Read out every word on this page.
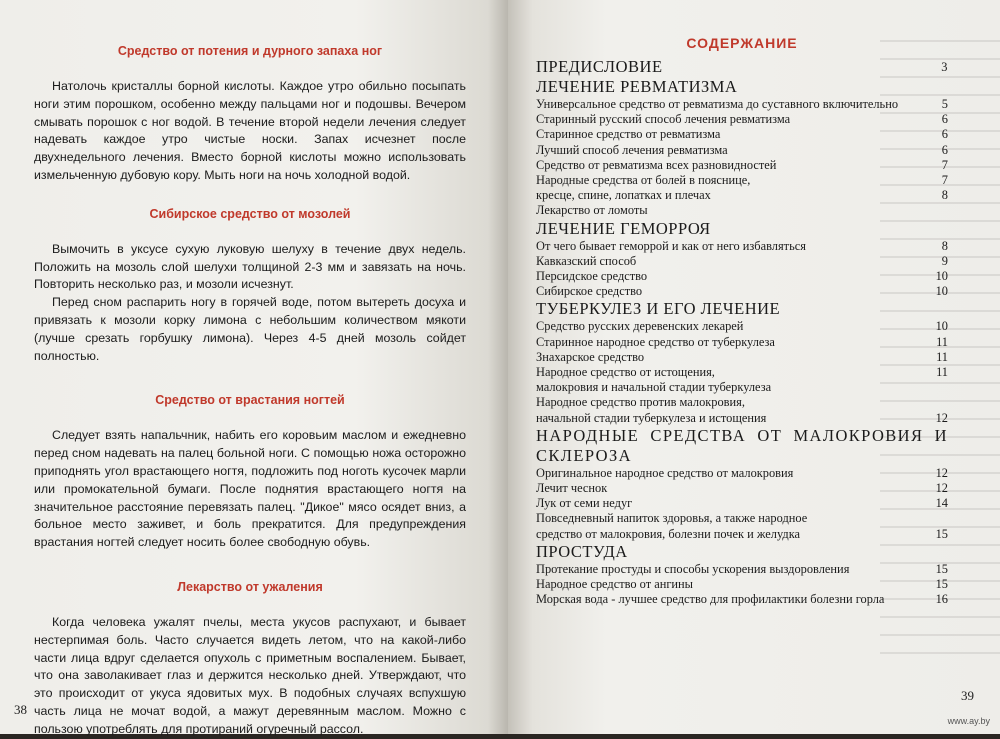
Средство от потения и дурного запаха ног

Натолочь кристаллы борной кислоты. Каждое утро обильно посыпать ноги этим порошком, особенно между пальцами ног и подошвы. Вечером смывать порошок с ног водой. В течение второй недели лечения следует надевать каждое утро чистые носки. Запах исчезнет после двухнедельного лечения. Вместо борной кислоты можно использовать измельченную дубовую кору. Мыть ноги на ночь холодной водой.

Сибирское средство от мозолей

Вымочить в уксусе сухую луковую шелуху в течение двух недель. Положить на мозоль слой шелухи толщиной 2-3 мм и завязать на ночь. Повторить несколько раз, и мозоли исчезнут.

Перед сном распарить ногу в горячей воде, потом вытереть досуха и привязать к мозоли корку лимона с небольшим количеством мякоти (лучше срезать горбушку лимона). Через 4-5 дней мозоль сойдет полностью.

Средство от врастания ногтей

Следует взять напальчник, набить его коровьим маслом и ежедневно перед сном надевать на палец больной ноги. С помощью ножа осторожно приподнять угол врастающего ногтя, подложить под ноготь кусочек марли или промокательной бумаги. После поднятия врастающего ногтя на значительное расстояние перевязать палец. "Дикое" мясо осядет вниз, а больное место заживет, и боль прекратится. Для предупреждения врастания ногтей следует носить более свободную обувь.

Лекарство от ужаления

Когда человека ужалят пчелы, места укусов распухают, и бывает нестерпимая боль. Часто случается видеть летом, что на какой-либо части лица вдруг сделается опухоль с приметным воспалением. Бывает, что она заволакивает глаз и держится несколько дней. Утверждают, что это происходит от укуса ядовитых мух. В подобных случаях вспухшую часть лица не мочат водой, а мажут деревянным маслом. Можно с пользою употреблять для протираний огуречный рассол.

38
СОДЕРЖАНИЕ
ПРЕДИСЛОВИЕ	3
ЛЕЧЕНИЕ РЕВМАТИЗМА
Универсальное средство от ревматизма до суставного включительно	5
Старинный русский способ лечения ревматизма	6
Старинное средство от ревматизма	6
Лучший способ лечения ревматизма	6
Средство от ревматизма всех разновидностей	7
Народные средства от болей в пояснице,	7
кресце, спине, лопатках и плечах	8
Лекарство от ломоты
ЛЕЧЕНИЕ ГЕМОРРОЯ
От чего бывает геморрой и как от него избавляться	8
Кавказский способ	9
Персидское средство	10
Сибирское средство	10
ТУБЕРКУЛЕЗ И ЕГО ЛЕЧЕНИЕ
Средство русских деревенских лекарей	10
Старинное народное средство от туберкулеза	11
Знахарское средство	11
Народное средство от истощения,	11
малокровия и начальной стадии туберкулеза
Народное средство против малокровия,
начальной стадии туберкулеза и истощения	12
НАРОДНЫЕ СРЕДСТВА ОТ МАЛОКРОВИЯ И СКЛЕРОЗА
Оригинальное народное средство от малокровия	12
Лечит чеснок	12
Лук от семи недуг	14
Повседневный напиток здоровья, а также народное
средство от малокровия, болезни почек и желудка	15
ПРОСТУДА
Протекание простуды и способы ускорения выздоровления	15
Народное средство от ангины	15
Морская вода - лучшее средство для профилактики болезни горла	16
39
www.ay.by
